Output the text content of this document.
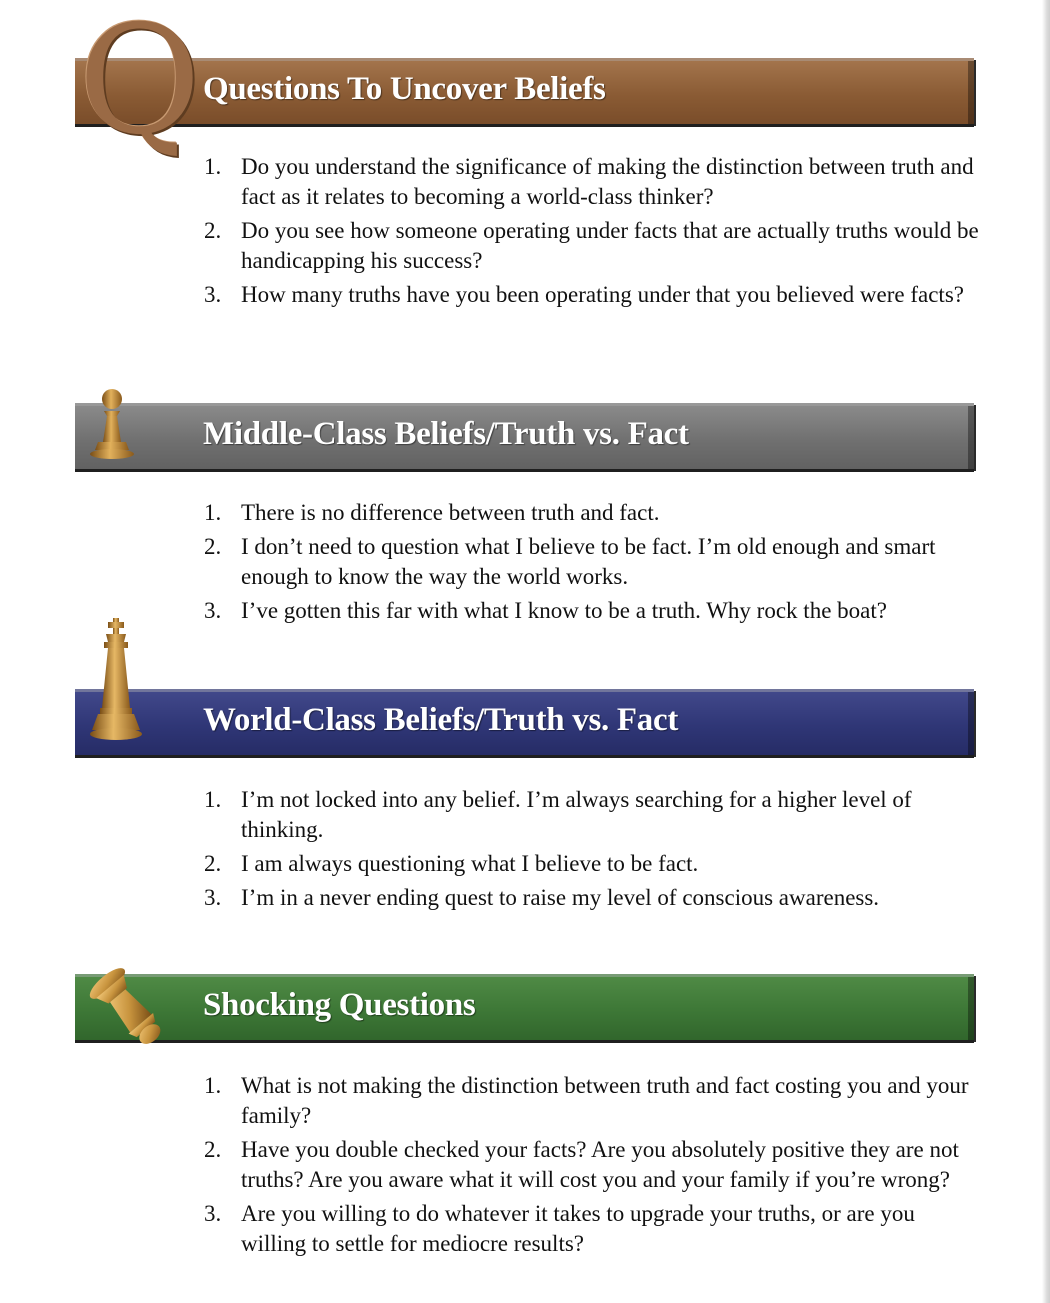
Questions To Uncover Beliefs
Q 1. Do you understand the significance of making the distinction between truth and fact as it relates to becoming a world-class thinker?
2. Do you see how someone operating under facts that are actually truths would be handicapping his success?
3. How many truths have you been operating under that you believed were facts?
Middle-Class Beliefs/Truth vs. Fact
1. There is no difference between truth and fact.
2. I don’t need to question what I believe to be fact. I’m old enough and smart enough to know the way the world works.
3. I’ve gotten this far with what I know to be a truth. Why rock the boat?
World-Class Beliefs/Truth vs. Fact
1. I’m not locked into any belief. I’m always searching for a higher level of thinking.
2. I am always questioning what I believe to be fact.
3. I’m in a never ending quest to raise my level of conscious awareness.
Shocking Questions
1. What is not making the distinction between truth and fact costing you and your family?
2. Have you double checked your facts? Are you absolutely positive they are not truths? Are you aware what it will cost you and your family if you’re wrong?
3. Are you willing to do whatever it takes to upgrade your truths, or are you willing to settle for mediocre results?
